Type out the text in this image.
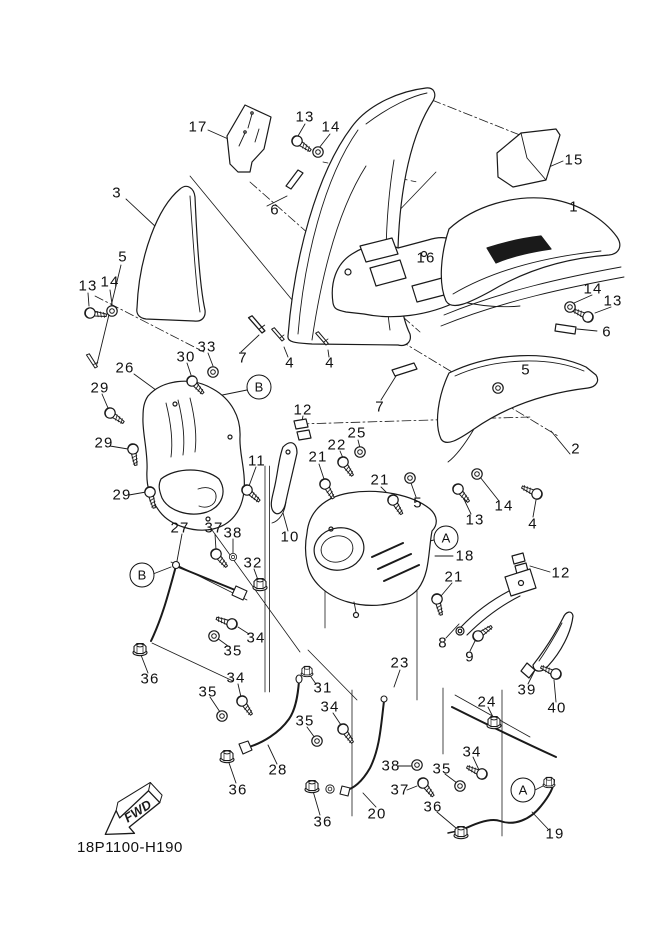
FWD
17
13
14
15
3
6	1
5	16
13 14	14
13
6
33
30	7 4 4
26	5
B
29
7
12
25
22
29	2
21
11
21
29	5	14
13	4
27 37 38	10	A
18
32
12
B	21
34	8
35	9
23
34
36
31	39
35
24
34	40
35
34
38 35
28
36	37	A
36
20
36
19
18P1100-H190
